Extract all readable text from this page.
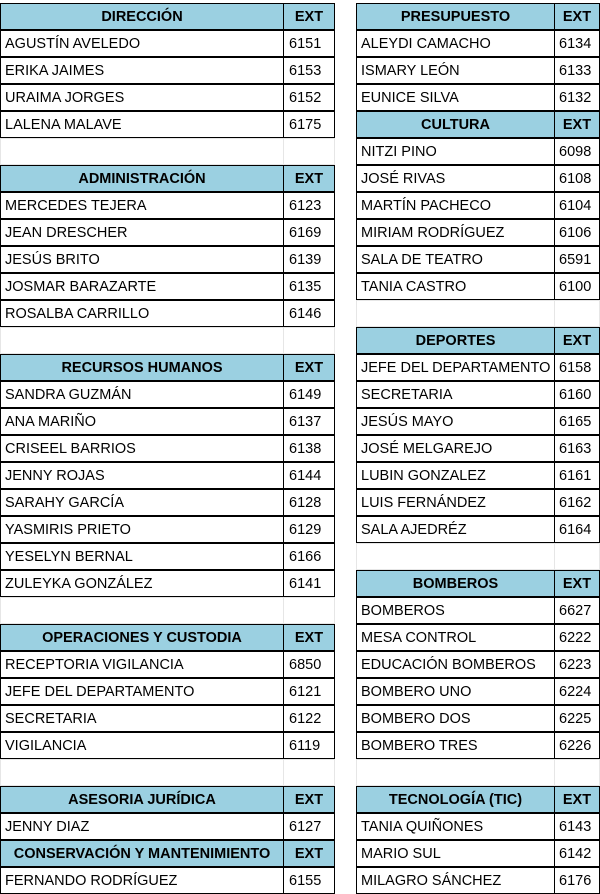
DIRECCIÓN	EXT
AGUSTÍN AVELEDO	6151
ERIKA JAIMES	6153
URAIMA JORGES	6152
LALENA MALAVE	6175
ADMINISTRACIÓN	EXT
MERCEDES TEJERA	6123
JEAN DRESCHER	6169
JESÚS BRITO	6139
JOSMAR BARAZARTE	6135
ROSALBA CARRILLO	6146
RECURSOS HUMANOS	EXT
SANDRA GUZMÁN	6149
ANA MARIÑO	6137
CRISEEL BARRIOS	6138
JENNY ROJAS	6144
SARAHY GARCÍA	6128
YASMIRIS PRIETO	6129
YESELYN BERNAL	6166
ZULEYKA GONZÁLEZ	6141
OPERACIONES Y CUSTODIA	EXT
RECEPTORIA VIGILANCIA	6850
JEFE DEL DEPARTAMENTO	6121
SECRETARIA	6122
VIGILANCIA	6119
ASESORIA JURÍDICA	EXT
JENNY DIAZ	6127
CONSERVACIÓN Y MANTENIMIENTO	EXT
FERNANDO RODRÍGUEZ	6155
PRESUPUESTO	EXT
ALEYDI CAMACHO	6134
ISMARY LEÓN	6133
EUNICE SILVA	6132
CULTURA	EXT
NITZI PINO	6098
JOSÉ RIVAS	6108
MARTÍN PACHECO	6104
MIRIAM RODRÍGUEZ	6106
SALA DE TEATRO	6591
TANIA CASTRO	6100
DEPORTES	EXT
JEFE DEL DEPARTAMENTO 6158
SECRETARIA	6160
JESÚS MAYO	6165
JOSÉ MELGAREJO	6163
LUBIN GONZALEZ	6161
LUIS FERNÁNDEZ	6162
SALA AJEDRÉZ	6164
BOMBEROS	EXT
BOMBEROS	6627
MESA CONTROL	6222
EDUCACIÓN BOMBEROS	6223
BOMBERO UNO	6224
BOMBERO DOS	6225
BOMBERO TRES	6226
TECNOLOGÍA (TIC)	EXT
TANIA QUIÑONES	6143
MARIO SUL	6142
MILAGRO SÁNCHEZ	6176
